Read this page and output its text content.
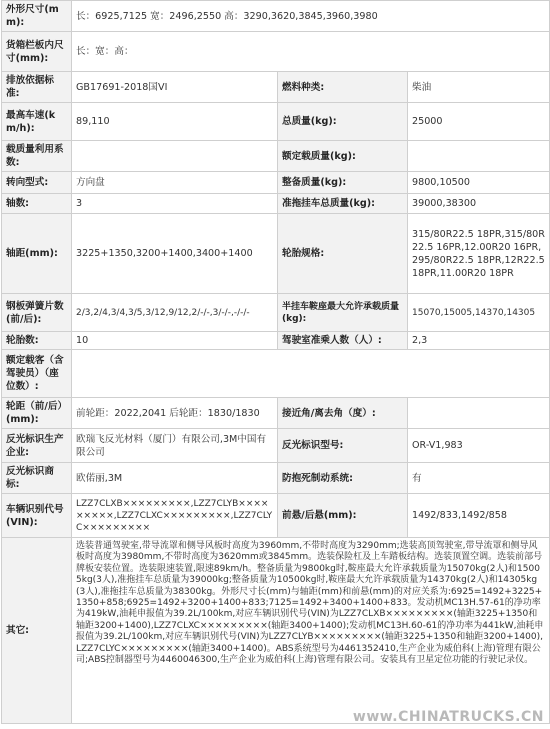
外形尺寸(mm):	长：6925,7125 宽：2496,2550 高：3290,3620,3845,3960,3980		
货箱栏板内尺寸(mm):	长：宽：高：		
排放依据标准:	GB17691-2018国VI	燃料种类:	柴油
最高车速(km/h):	89,110	总质量(kg):	25000
载质量利用系数:		额定载质量(kg):	
转向型式:	方向盘	整备质量(kg):	9800,10500
轴数:	3	准拖挂车总质量(kg):	39000,38300
轴距(mm):	3225+1350,3200+1400,3400+1400	轮胎规格:	315/80R22.5 18PR,315/80R22.5 16PR,12.00R20 16PR,295/80R22.5 18PR,12R22.5 18PR,11.00R20 18PR
钢板弹簧片数(前/后):	2/3,2/4,3/4,3/5,3/12,9/12,2/-/-,3/-/-,-/-/-	半挂车鞍座最大允许承载质量(kg):	15070,15005,14370,14305
轮胎数:	10	驾驶室准乘人数（人）:	2,3
额定载客（含驾驶员）（座位数）:			
轮距（前/后）(mm):	前轮距：2022,2041 后轮距：1830/1830	接近角/离去角（度）:	
反光标识生产企业:	欧瑞飞反光材料（厦门）有限公司,3M中国有限公司	反光标识型号:	OR-V1,983
反光标识商标:	欧偌丽,3M	防抱死制动系统:	有
车辆识别代号(VIN):	LZZ7CLXB×××××××××,LZZ7CLYB×××××××××,LZZ7CLXC×××××××××,LZZ7CLYC×××××××××	前悬/后悬(mm):	1492/833,1492/858
其它:	选装普通驾驶室,带导流罩和侧导风板时高度为3960mm,不带时高度为3290mm;选装高顶驾驶室,带导流罩和侧导风板时高度为3980mm,不带时高度为3620mm或3845mm。选装保险杠及上车踏板结构。选装顶置空调。选装前部号牌板安装位置。选装限速装置,限速89km/h。整备质量为9800kg时,鞍座最大允许承载质量为15070kg(2人)和15005kg(3人),准拖挂车总质量为39000kg;整备质量为10500kg时,鞍座最大允许承载质量为14370kg(2人)和14305kg(3人),准拖挂车总质量为38300kg。外形尺寸长(mm)与轴距(mm)和前悬(mm)的对应关系为:6925=1492+3225+1350+858;6925=1492+3200+1400+833;7125=1492+3400+1400+833。发动机MC13H.57-61的净功率为419kW,油耗申报值为39.2L/100km,对应车辆识别代号(VIN)为LZZ7CLXB×××××××××(轴距3225+1350和轴距3200+1400),LZZ7CLXC×××××××××(轴距3400+1400);发动机MC13H.60-61的净功率为441kW,油耗申报值为39.2L/100km,对应车辆识别代号(VIN)为LZZ7CLYB×××××××××(轴距3225+1350和轴距3200+1400),LZZ7CLYC×××××××××(轴距3400+1400)。ABS系统型号为4461352410,生产企业为威伯科(上海)管理有限公司;ABS控制器型号为4460046300,生产企业为威伯科(上海)管理有限公司。安装具有卫星定位功能的行驶记录仪。		
www.CHINATRUCKS.CN
